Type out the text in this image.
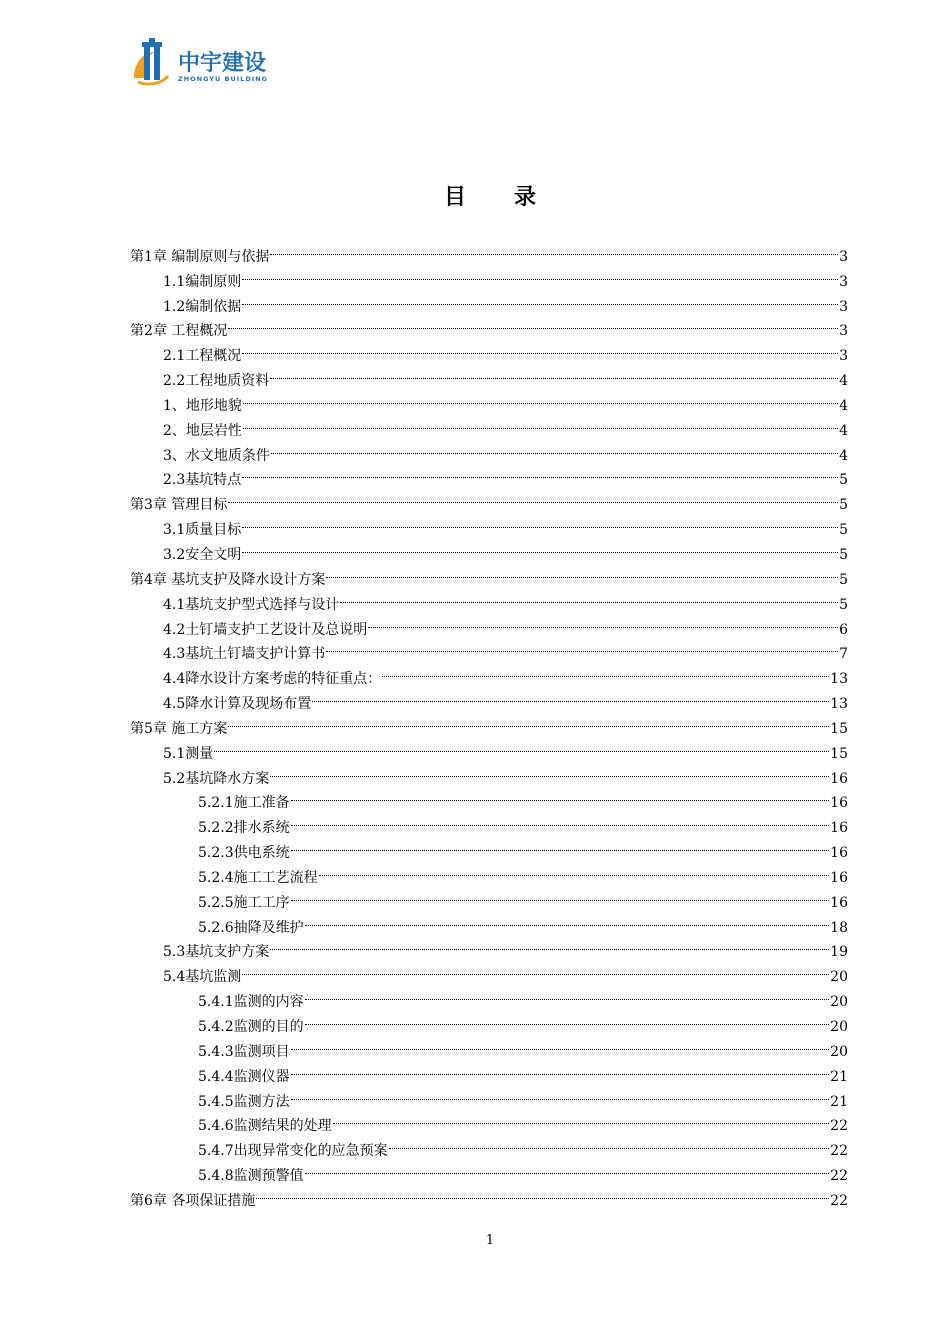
中宇建设
ZHONGYU BUILDING
目 录
第1章 编制原则与依据	3
1.1编制原则	3
1.2编制依据	3
第2章 工程概况	3
2.1工程概况	3
2.2工程地质资料	4
1、地形地貌	4
2、地层岩性	4
3、水文地质条件	4
2.3基坑特点	5
第3章 管理目标	5
3.1质量目标	5
3.2安全文明	5
第4章 基坑支护及降水设计方案	5
4.1基坑支护型式选择与设计	5
4.2土钉墙支护工艺设计及总说明	6
4.3基坑土钉墙支护计算书	7
4.4降水设计方案考虑的特征重点：	13
4.5降水计算及现场布置	13
第5章 施工方案	15
5.1测量	15
5.2基坑降水方案	16
5.2.1施工准备	16
5.2.2排水系统	16
5.2.3供电系统	16
5.2.4施工工艺流程	16
5.2.5施工工序	16
5.2.6抽降及维护	18
5.3基坑支护方案	19
5.4基坑监测	20
5.4.1监测的内容	20
5.4.2监测的目的	20
5.4.3监测项目	20
5.4.4监测仪器	21
5.4.5监测方法	21
5.4.6监测结果的处理	22
5.4.7出现异常变化的应急预案	22
5.4.8监测预警值	22
第6章 各项保证措施	22
1
